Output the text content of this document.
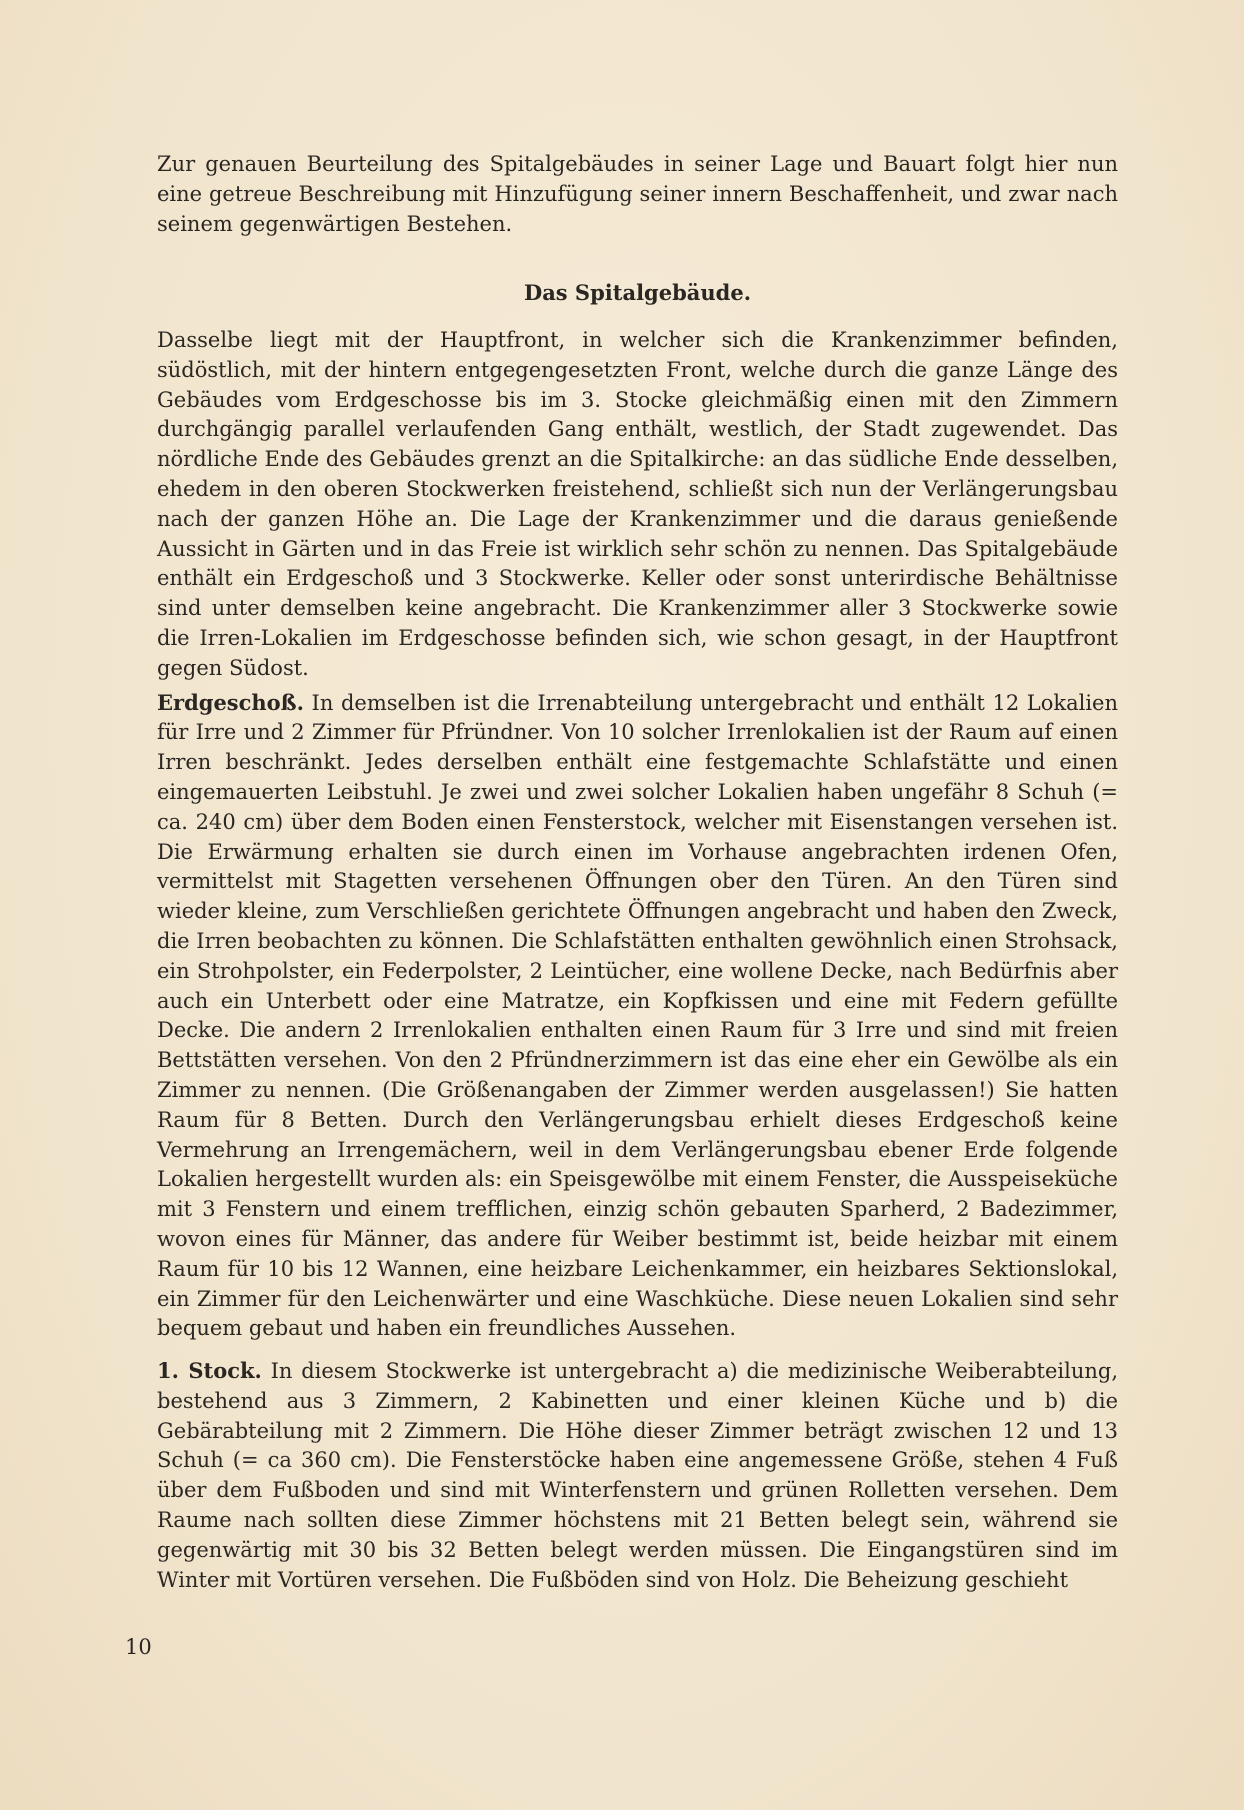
Zur genauen Beurteilung des Spitalgebäudes in seiner Lage und Bauart folgt hier nun eine getreue Beschreibung mit Hinzufügung seiner innern Beschaffenheit, und zwar nach seinem gegenwärtigen Bestehen.

Das Spitalgebäude.

Dasselbe liegt mit der Hauptfront, in welcher sich die Krankenzimmer befinden, südöstlich, mit der hintern entgegengesetzten Front, welche durch die ganze Länge des Gebäudes vom Erdgeschosse bis im 3. Stocke gleichmäßig einen mit den Zimmern durchgängig parallel verlaufenden Gang enthält, westlich, der Stadt zugewendet. Das nördliche Ende des Gebäudes grenzt an die Spitalkirche: an das südliche Ende desselben, ehedem in den oberen Stockwerken freistehend, schließt sich nun der Verlängerungsbau nach der ganzen Höhe an. Die Lage der Krankenzimmer und die daraus genießende Aussicht in Gärten und in das Freie ist wirklich sehr schön zu nennen. Das Spitalgebäude enthält ein Erdgeschoß und 3 Stockwerke. Keller oder sonst unterirdische Behältnisse sind unter demselben keine angebracht. Die Krankenzimmer aller 3 Stockwerke sowie die Irren-Lokalien im Erdgeschosse befinden sich, wie schon gesagt, in der Hauptfront gegen Südost.

Erdgeschoß. In demselben ist die Irrenabteilung untergebracht und enthält 12 Lokalien für Irre und 2 Zimmer für Pfründner. Von 10 solcher Irrenlokalien ist der Raum auf einen Irren beschränkt. Jedes derselben enthält eine festgemachte Schlafstätte und einen eingemauerten Leibstuhl. Je zwei und zwei solcher Lokalien haben ungefähr 8 Schuh (= ca. 240 cm) über dem Boden einen Fensterstock, welcher mit Eisenstangen versehen ist. Die Erwärmung erhalten sie durch einen im Vorhause angebrachten irdenen Ofen, vermittelst mit Stagetten versehenen Öffnungen ober den Türen. An den Türen sind wieder kleine, zum Verschließen gerichtete Öffnungen angebracht und haben den Zweck, die Irren beobachten zu können. Die Schlafstätten enthalten gewöhnlich einen Strohsack, ein Strohpolster, ein Federpolster, 2 Leintücher, eine wollene Decke, nach Bedürfnis aber auch ein Unterbett oder eine Matratze, ein Kopfkissen und eine mit Federn gefüllte Decke. Die andern 2 Irrenlokalien enthalten einen Raum für 3 Irre und sind mit freien Bettstätten versehen. Von den 2 Pfründnerzimmern ist das eine eher ein Gewölbe als ein Zimmer zu nennen. (Die Größenangaben der Zimmer werden ausgelassen!) Sie hatten Raum für 8 Betten. Durch den Verlängerungsbau erhielt dieses Erdgeschoß keine Vermehrung an Irrengemächern, weil in dem Verlängerungsbau ebener Erde folgende Lokalien hergestellt wurden als: ein Speisgewölbe mit einem Fenster, die Ausspeiseküche mit 3 Fenstern und einem trefflichen, einzig schön gebauten Sparherd, 2 Badezimmer, wovon eines für Männer, das andere für Weiber bestimmt ist, beide heizbar mit einem Raum für 10 bis 12 Wannen, eine heizbare Leichenkammer, ein heizbares Sektionslokal, ein Zimmer für den Leichenwärter und eine Waschküche. Diese neuen Lokalien sind sehr bequem gebaut und haben ein freundliches Aussehen.

1. Stock. In diesem Stockwerke ist untergebracht a) die medizinische Weiberabteilung, bestehend aus 3 Zimmern, 2 Kabinetten und einer kleinen Küche und b) die Gebärabteilung mit 2 Zimmern. Die Höhe dieser Zimmer beträgt zwischen 12 und 13 Schuh (= ca 360 cm). Die Fensterstöcke haben eine angemessene Größe, stehen 4 Fuß über dem Fußboden und sind mit Winterfenstern und grünen Rolletten versehen. Dem Raume nach sollten diese Zimmer höchstens mit 21 Betten belegt sein, während sie gegenwärtig mit 30 bis 32 Betten belegt werden müssen. Die Eingangstüren sind im Winter mit Vortüren versehen. Die Fußböden sind von Holz. Die Beheizung geschieht

10
